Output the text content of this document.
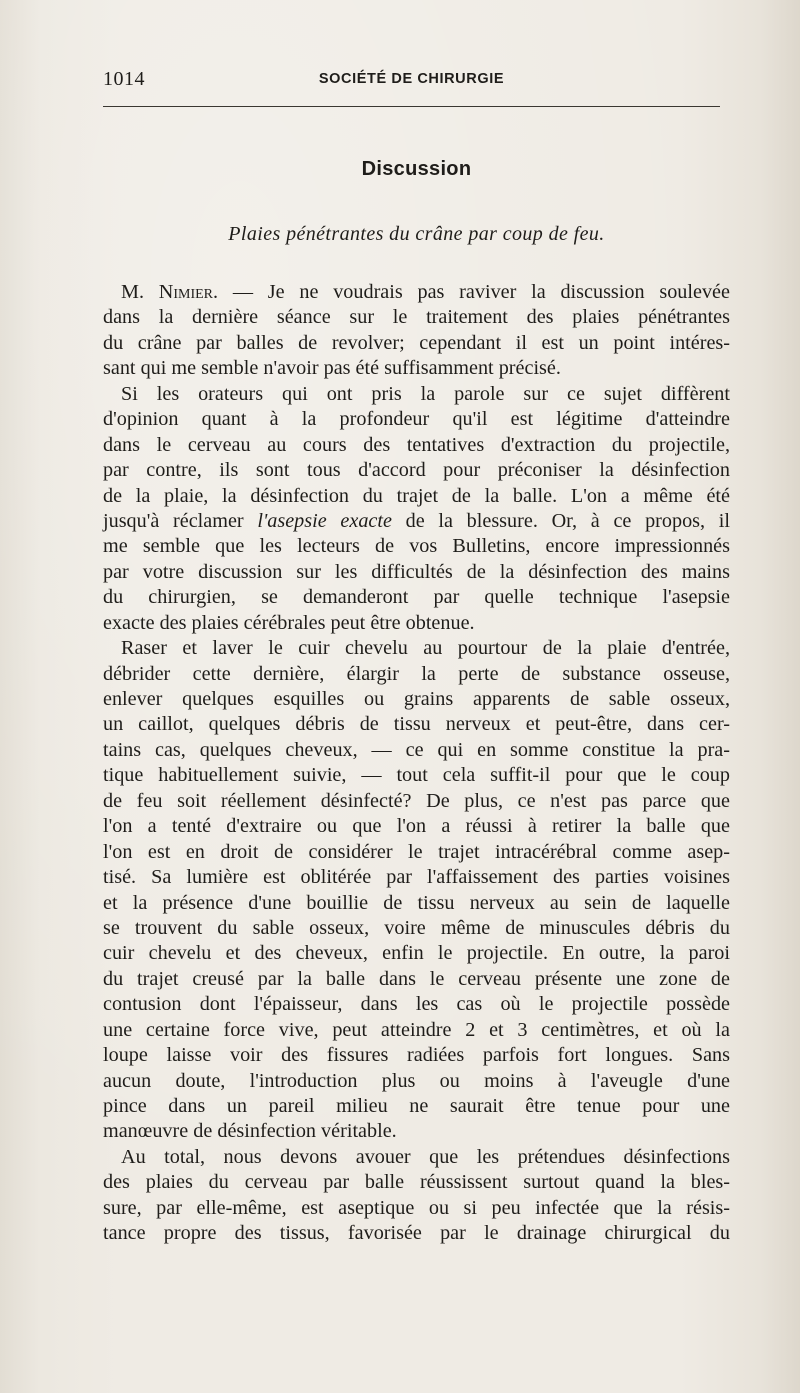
1014	SOCIÉTÉ DE CHIRURGIE
Discussion
Plaies pénétrantes du crâne par coup de feu.
M. Nimier. — Je ne voudrais pas raviver la discussion soulevée
dans la dernière séance sur le traitement des plaies pénétrantes
du crâne par balles de revolver; cependant il est un point intéres-
sant qui me semble n'avoir pas été suffisamment précisé.
Si les orateurs qui ont pris la parole sur ce sujet diffèrent
d'opinion quant à la profondeur qu'il est légitime d'atteindre
dans le cerveau au cours des tentatives d'extraction du projectile,
par contre, ils sont tous d'accord pour préconiser la désinfection
de la plaie, la désinfection du trajet de la balle. L'on a même été
jusqu'à réclamer l'asepsie exacte de la blessure. Or, à ce propos, il
me semble que les lecteurs de vos Bulletins, encore impressionnés
par votre discussion sur les difficultés de la désinfection des mains
du chirurgien, se demanderont par quelle technique l'asepsie
exacte des plaies cérébrales peut être obtenue.
Raser et laver le cuir chevelu au pourtour de la plaie d'entrée,
débrider cette dernière, élargir la perte de substance osseuse,
enlever quelques esquilles ou grains apparents de sable osseux,
un caillot, quelques débris de tissu nerveux et peut-être, dans cer-
tains cas, quelques cheveux, — ce qui en somme constitue la pra-
tique habituellement suivie, — tout cela suffit-il pour que le coup
de feu soit réellement désinfecté? De plus, ce n'est pas parce que
l'on a tenté d'extraire ou que l'on a réussi à retirer la balle que
l'on est en droit de considérer le trajet intracérébral comme asep-
tisé. Sa lumière est oblitérée par l'affaissement des parties voisines
et la présence d'une bouillie de tissu nerveux au sein de laquelle
se trouvent du sable osseux, voire même de minuscules débris du
cuir chevelu et des cheveux, enfin le projectile. En outre, la paroi
du trajet creusé par la balle dans le cerveau présente une zone de
contusion dont l'épaisseur, dans les cas où le projectile possède
une certaine force vive, peut atteindre 2 et 3 centimètres, et où la
loupe laisse voir des fissures radiées parfois fort longues. Sans
aucun doute, l'introduction plus ou moins à l'aveugle d'une
pince dans un pareil milieu ne saurait être tenue pour une
manœuvre de désinfection véritable.
Au total, nous devons avouer que les prétendues désinfections
des plaies du cerveau par balle réussissent surtout quand la bles-
sure, par elle-même, est aseptique ou si peu infectée que la résis-
tance propre des tissus, favorisée par le drainage chirurgical du
